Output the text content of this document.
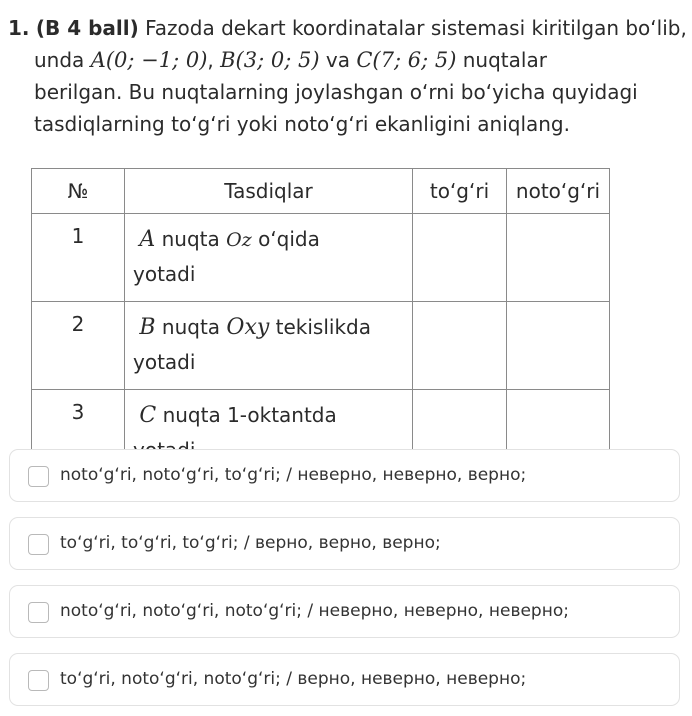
1. (B 4 ball) Fazoda dekart koordinatalar sistemasi kiritilgan bo‘lib,
unda A(0; −1; 0), B(3; 0; 5) va C(7; 6; 5) nuqtalar
berilgan. Bu nuqtalarning joylashgan o‘rni bo‘yicha quyidagi
tasdiqlarning to‘g‘ri yoki noto‘g‘ri ekanligini aniqlang.
№	Tasdiqlar	to‘g‘ri	noto‘g‘ri
1	A nuqta Oz o‘qida
yotadi		
2	B nuqta Oxy tekislikda
yotadi		
3	C nuqta 1-oktantda

noto‘g‘ri, noto‘g‘ri, to‘g‘ri; / неверно, неверно, верно;
to‘g‘ri, to‘g‘ri, to‘g‘ri; / верно, верно, верно;
noto‘g‘ri, noto‘g‘ri, noto‘g‘ri; / неверно, неверно, неверно;
to‘g‘ri, noto‘g‘ri, noto‘g‘ri; / верно, неверно, неверно;
